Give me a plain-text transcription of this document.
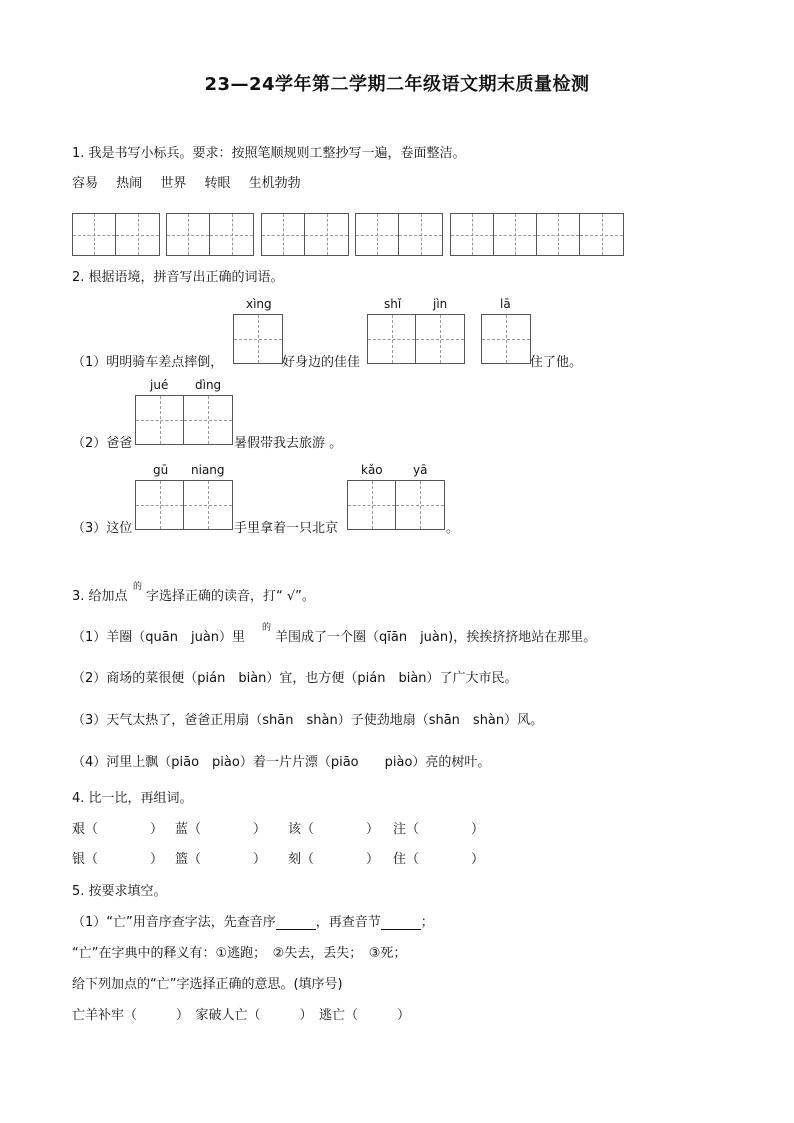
23—24学年第二学期二年级语文期末质量检测
1. 我是书写小标兵。要求：按照笔顺规则工整抄写一遍，卷面整洁。
容易 热闹 世界 转眼 生机勃勃
2. 根据语境，拼音写出正确的词语。
xìng	shǐ	jìn	lā
（1）明明骑车差点摔倒，	好身边的佳佳	住了他。
jué dìng
（2）爸爸	暑假带我去旅游 。
gū niang	kǎo	yā
（3）这位	手里拿着一只北京	。
3. 给加点
的
字选择正确的读音，打“ √”。
（1）羊圈（quān　juàn）里
的
羊围成了一个圈（qīān　juàn)，挨挨挤挤地站在那里。
（2）商场的菜很便（pián　biàn）宜，也方便（pián　biàn）了广大市民。
（3）天气太热了，爸爸正用扇（shān　shàn）子使劲地扇（shān　shàn）风。
（4）河里上飘（piāo　piào）着一片片漂（piāo　　piào）亮的树叶。
4. 比一比，再组词。
艰（　　　　） 蓝（　　　　） 该（　　　　） 注（　　　　）
银（　　　　） 篮（　　　　） 刻（　　　　） 住（　　　　）
5. 按要求填空。
（1）“亡”用音序查字法，先查音序	，再查音节	；
“亡”在字典中的释义有：①逃跑；　②失去，丢失；　③死；
给下列加点的“亡”字选择正确的意思。(填序号)
亡羊补牢（　　　）　家破人亡（　　　）　逃亡（　　　）
